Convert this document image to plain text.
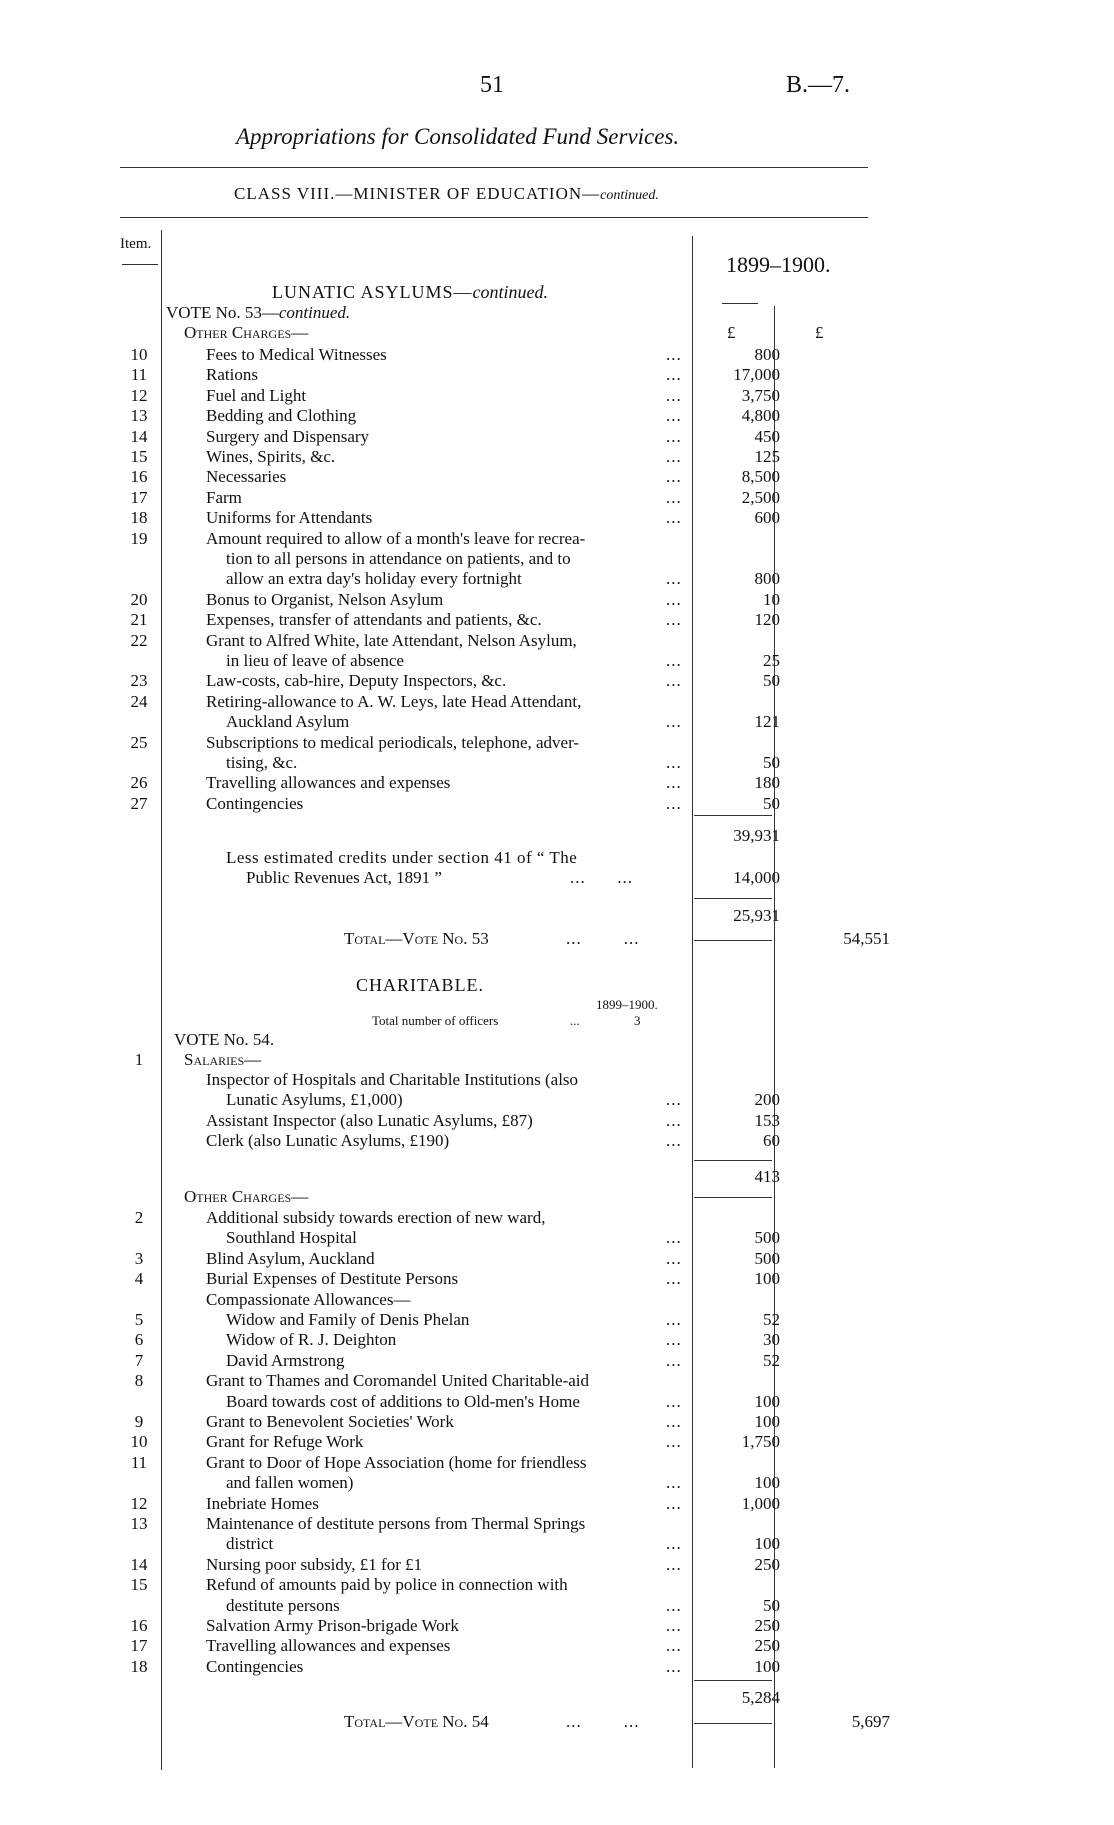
51	B.—7.
Appropriations for Consolidated Fund Services.
CLASS VIII.—MINISTER OF EDUCATION—continued.
Item.
1899–1900.
LUNATIC ASYLUMS—continued.
VOTE No. 53—continued.
Other Charges—	£	£
10	Fees to Medical Witnesses	...	800
11	Rations	...	17,000
12	Fuel and Light	...	3,750
13	Bedding and Clothing	...	4,800
14	Surgery and Dispensary	...	450
15	Wines, Spirits, &c.	...	125
16	Necessaries	...	8,500
17	Farm	...	2,500
18	Uniforms for Attendants	...	600
19	Amount required to allow of a month's leave for recrea-
tion to all persons in attendance on patients, and to
allow an extra day's holiday every fortnight	...	800
20	Bonus to Organist, Nelson Asylum	...	10
21	Expenses, transfer of attendants and patients, &c.	...	120
22	Grant to Alfred White, late Attendant, Nelson Asylum,
in lieu of leave of absence	...	25
23	Law-costs, cab-hire, Deputy Inspectors, &c.	...	50
24	Retiring-allowance to A. W. Leys, late Head Attendant,
Auckland Asylum	...	121
25	Subscriptions to medical periodicals, telephone, adver-
tising, &c.	...	50
26	Travelling allowances and expenses	...	180
27	Contingencies	...	50
39,931
Less estimated credits under section 41 of “ The
Public Revenues Act, 1891 ”	...      ...	14,000
25,931
Total—Vote No. 53	...        ...	54,551
CHARITABLE.
1899–1900.
Total number of officers	...	3
VOTE No. 54.
1	Salaries—
Inspector of Hospitals and Charitable Institutions (also
Lunatic Asylums, £1,000)	...	200
Assistant Inspector (also Lunatic Asylums, £87)	...	153
Clerk (also Lunatic Asylums, £190)	...	60
413
Other Charges—
2	Additional subsidy towards erection of new ward,
Southland Hospital	...	500
3	Blind Asylum, Auckland	...	500
4	Burial Expenses of Destitute Persons	...	100
Compassionate Allowances—
5	Widow and Family of Denis Phelan	...	52
6	Widow of R. J. Deighton	...	30
7	David Armstrong	...	52
8	Grant to Thames and Coromandel United Charitable-aid
Board towards cost of additions to Old-men's Home	...	100
9	Grant to Benevolent Societies' Work	...	100
10	Grant for Refuge Work	...	1,750
11	Grant to Door of Hope Association (home for friendless
and fallen women)	...	100
12	Inebriate Homes	...	1,000
13	Maintenance of destitute persons from Thermal Springs
district	...	100
14	Nursing poor subsidy, £1 for £1	...	250
15	Refund of amounts paid by police in connection with
destitute persons	...	50
16	Salvation Army Prison-brigade Work	...	250
17	Travelling allowances and expenses	...	250
18	Contingencies	...	100
5,284
Total—Vote No. 54	...        ...	5,697
